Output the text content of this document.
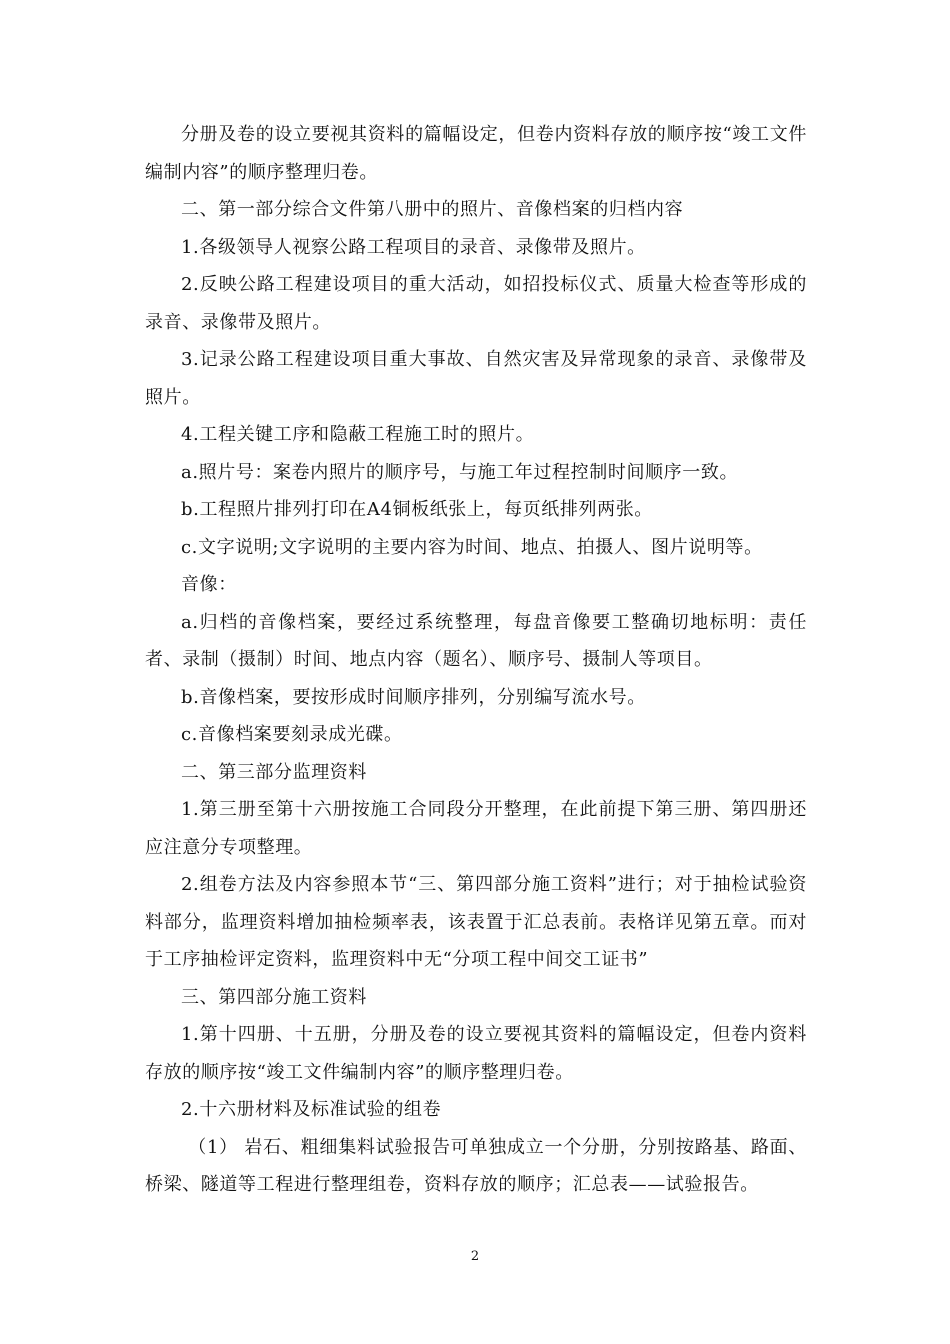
分册及卷的设立要视其资料的篇幅设定，但卷内资料存放的顺序按“竣工文件编制内容”的顺序整理归卷。

二、第一部分综合文件第八册中的照片、音像档案的归档内容

1.各级领导人视察公路工程项目的录音、录像带及照片。

2.反映公路工程建设项目的重大活动，如招投标仪式、质量大检查等形成的录音、录像带及照片。

3.记录公路工程建设项目重大事故、自然灾害及异常现象的录音、录像带及照片。

4.工程关键工序和隐蔽工程施工时的照片。

a.照片号：案卷内照片的顺序号，与施工年过程控制时间顺序一致。

b.工程照片排列打印在A4铜板纸张上，每页纸排列两张。

c.文字说明;文字说明的主要内容为时间、地点、拍摄人、图片说明等。

音像：

a.归档的音像档案，要经过系统整理，每盘音像要工整确切地标明：责任者、录制（摄制）时间、地点内容（题名）、顺序号、摄制人等项目。

b.音像档案，要按形成时间顺序排列，分别编写流水号。

c.音像档案要刻录成光碟。

二、第三部分监理资料

1.第三册至第十六册按施工合同段分开整理，在此前提下第三册、第四册还应注意分专项整理。

2.组卷方法及内容参照本节“三、第四部分施工资料”进行；对于抽检试验资料部分，监理资料增加抽检频率表，该表置于汇总表前。表格详见第五章。而对于工序抽检评定资料，监理资料中无“分项工程中间交工证书”

三、第四部分施工资料

1.第十四册、十五册，分册及卷的设立要视其资料的篇幅设定，但卷内资料存放的顺序按“竣工文件编制内容”的顺序整理归卷。

2.十六册材料及标准试验的组卷

（1） 岩石、粗细集料试验报告可单独成立一个分册，分别按路基、路面、桥梁、隧道等工程进行整理组卷，资料存放的顺序；汇总表——试验报告。

2
